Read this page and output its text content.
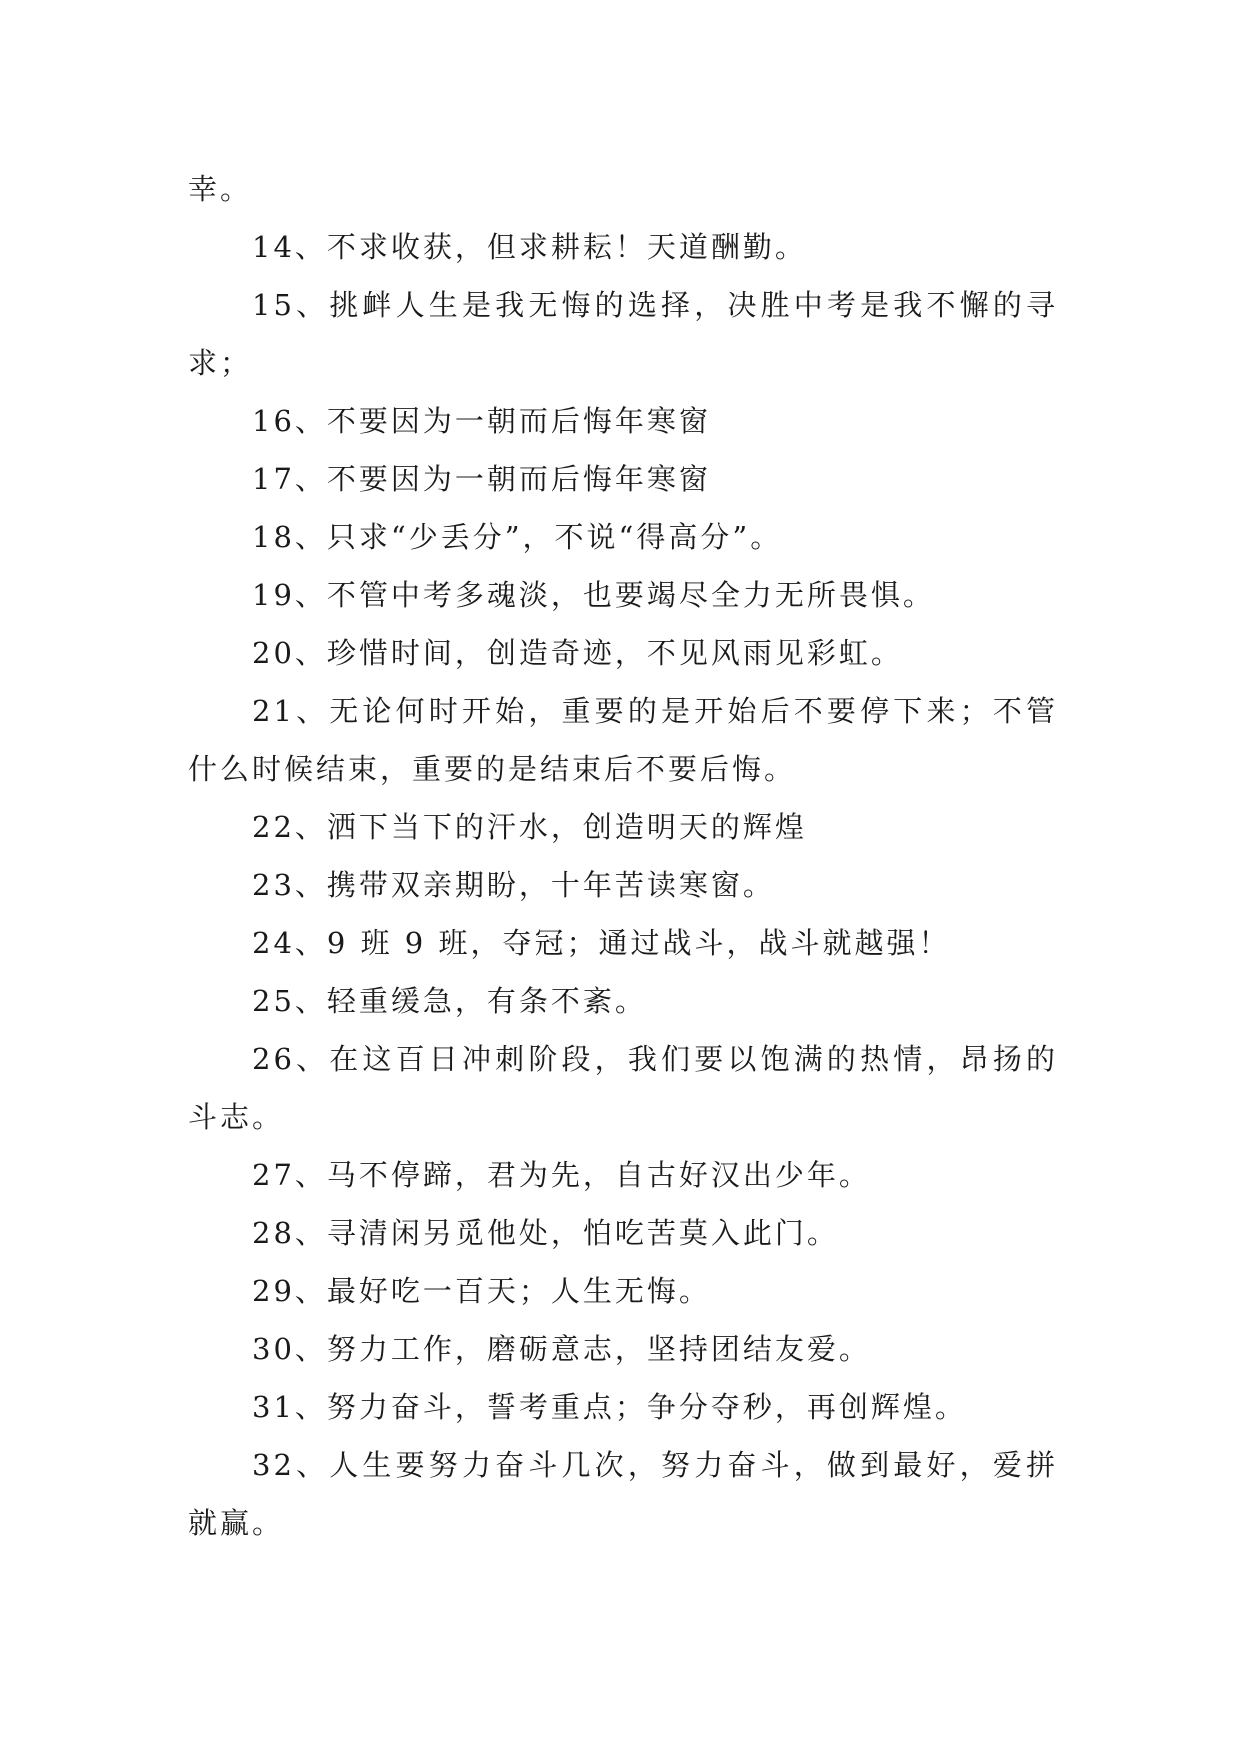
幸。

14、不求收获，但求耕耘！天道酬勤。

15、挑衅人生是我无悔的选择，决胜中考是我不懈的寻求；

16、不要因为一朝而后悔年寒窗

17、不要因为一朝而后悔年寒窗

18、只求“少丢分”，不说“得高分”。

19、不管中考多魂淡，也要竭尽全力无所畏惧。

20、珍惜时间，创造奇迹，不见风雨见彩虹。

21、无论何时开始，重要的是开始后不要停下来；不管什么时候结束，重要的是结束后不要后悔。

22、洒下当下的汗水，创造明天的辉煌

23、携带双亲期盼，十年苦读寒窗。

24、9 班 9 班，夺冠；通过战斗，战斗就越强！

25、轻重缓急，有条不紊。

26、在这百日冲刺阶段，我们要以饱满的热情，昂扬的斗志。

27、马不停蹄，君为先，自古好汉出少年。

28、寻清闲另觅他处，怕吃苦莫入此门。

29、最好吃一百天；人生无悔。

30、努力工作，磨砺意志，坚持团结友爱。

31、努力奋斗，誓考重点；争分夺秒，再创辉煌。

32、人生要努力奋斗几次，努力奋斗，做到最好，爱拼就赢。
